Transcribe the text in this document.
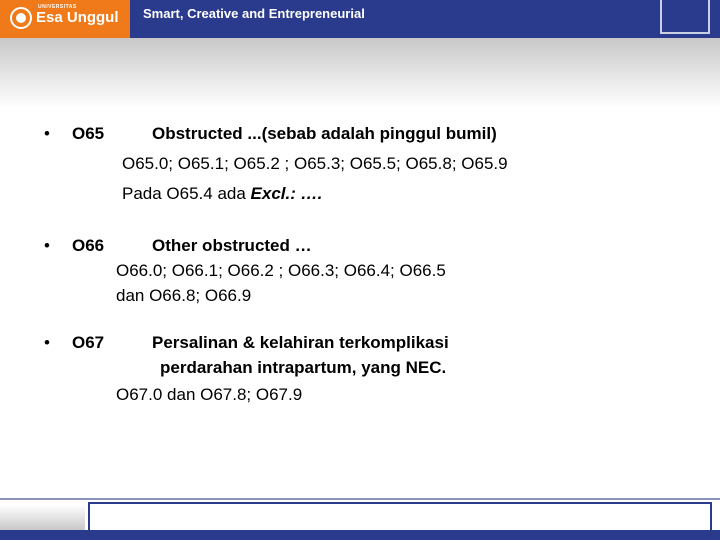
UNIVERSITAS
Esa Unggul Smart, Creative and Entrepreneurial
• O65	Obstructed ...(sebab adalah pinggul bumil)
O65.0; O65.1; O65.2 ; O65.3; O65.5; O65.8; O65.9
Pada O65.4 ada Excl.: ….
• O66	Other obstructed …
O66.0; O66.1; O66.2 ; O66.3; O66.4; O66.5
dan O66.8; O66.9
• O67	Persalinan & kelahiran terkomplikasi
perdarahan intrapartum, yang NEC.
O67.0 dan O67.8; O67.9
